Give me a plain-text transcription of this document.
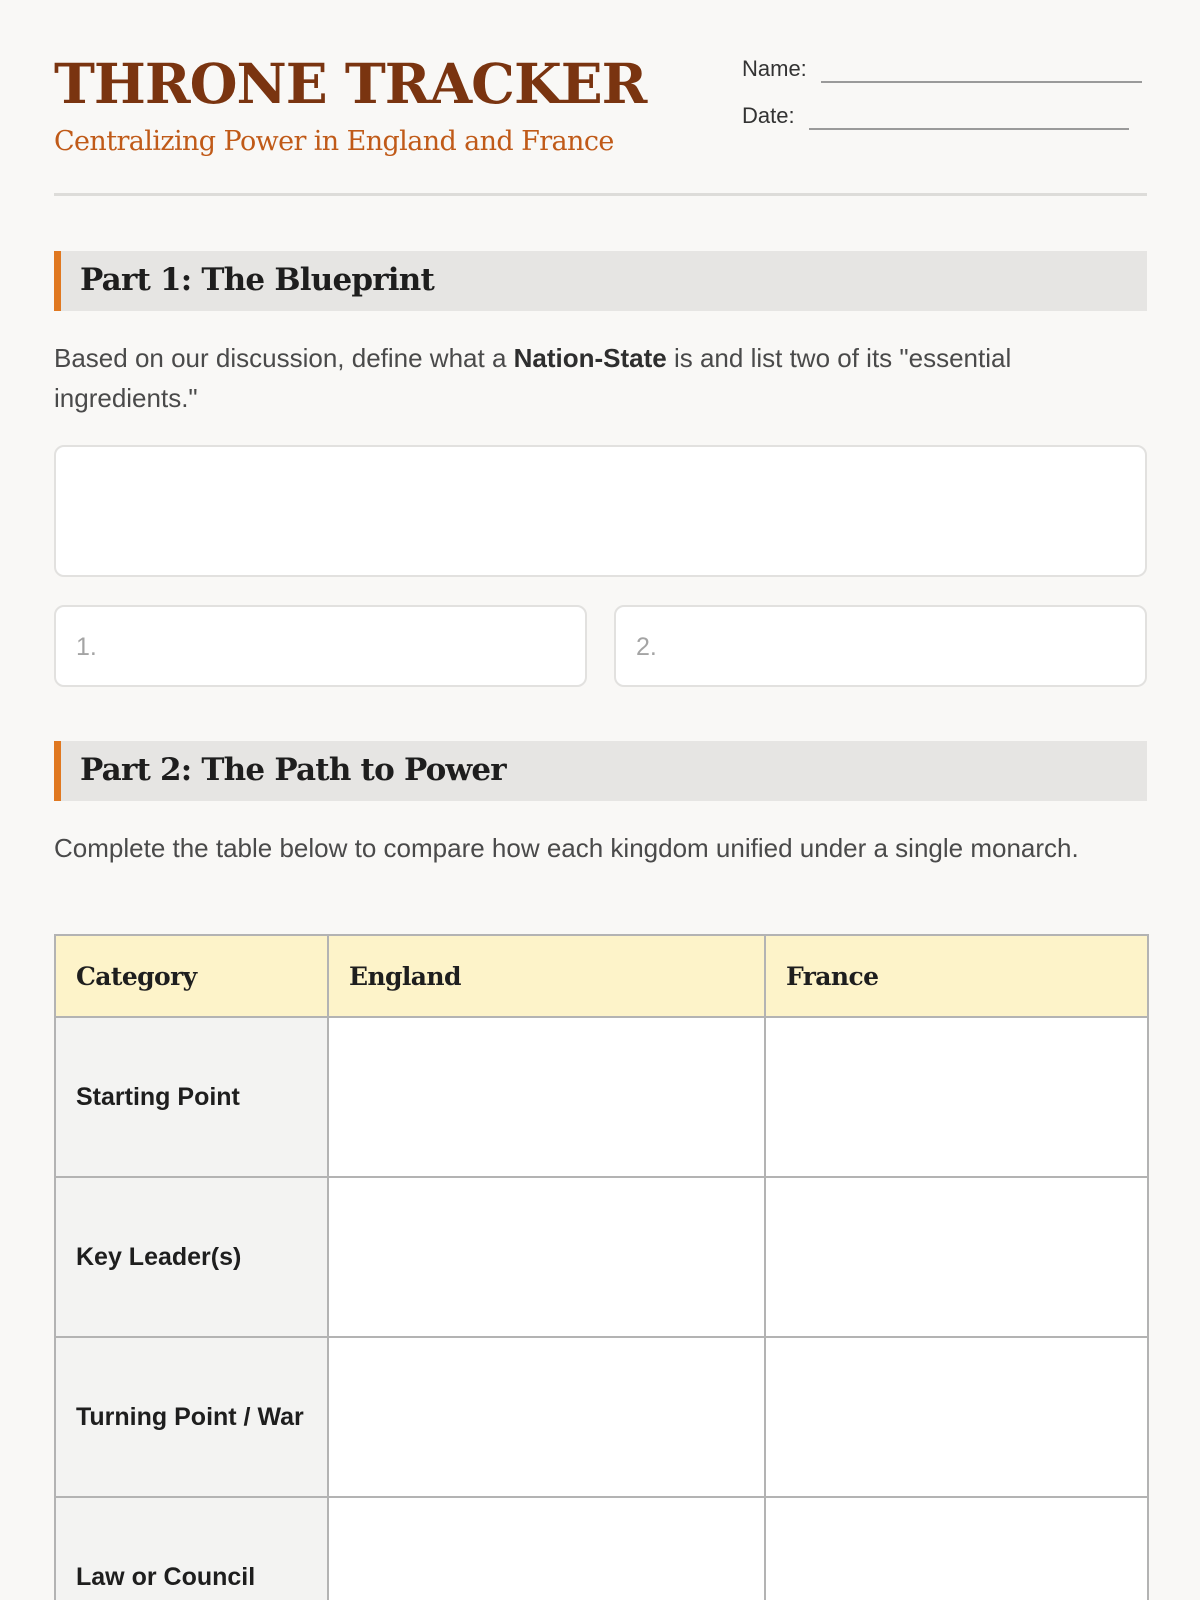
THRONE TRACKER
Centralizing Power in England and France
Name:
Date:
Part 1: The Blueprint

Based on our discussion, define what a Nation-State is and list two of its "essential ingredients."

1.	2.
Part 2: The Path to Power

Complete the table below to compare how each kingdom unified under a single monarch.

Category	England	France
Starting Point		
Key Leader(s)		
Turning Point / War		
Law or Council		
